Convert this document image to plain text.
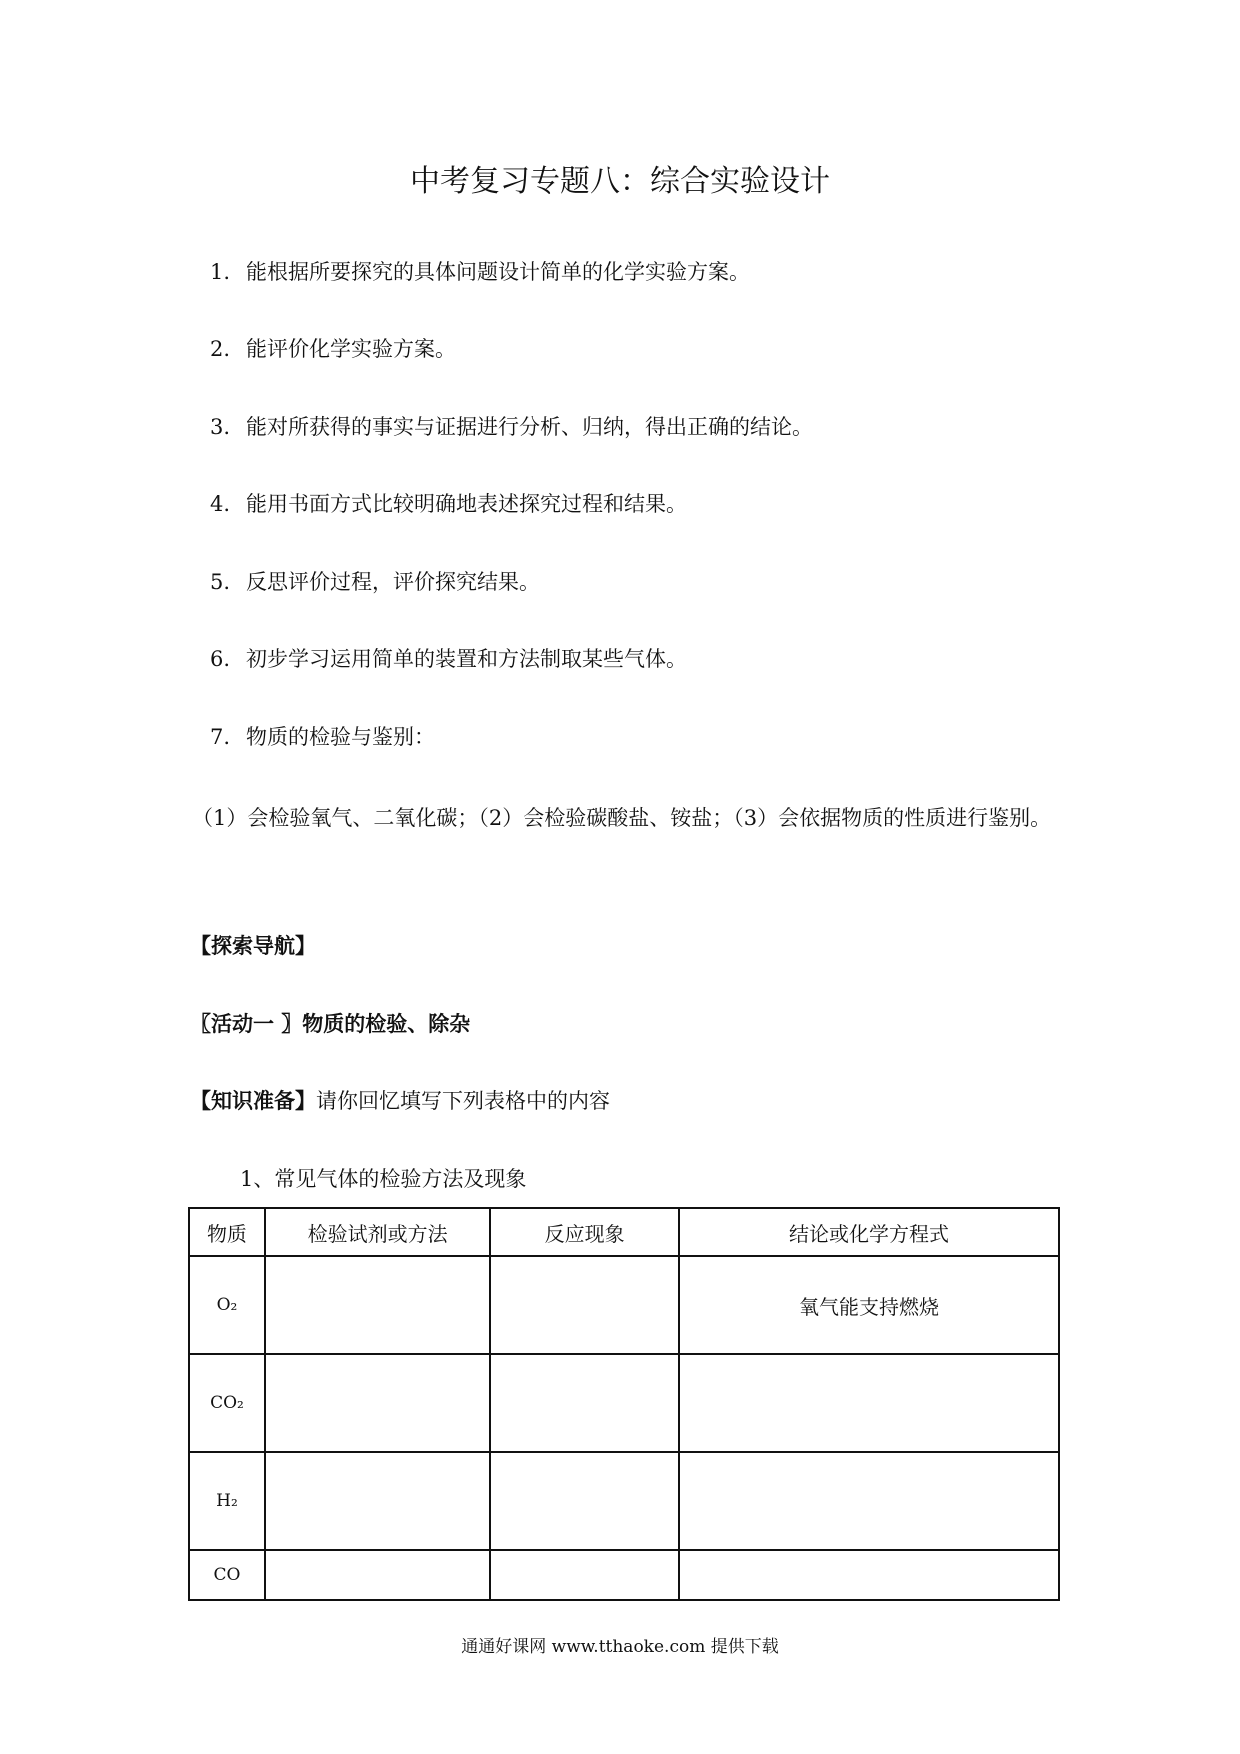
中考复习专题八：综合实验设计
1. 能根据所要探究的具体问题设计简单的化学实验方案。
2. 能评价化学实验方案。
3. 能对所获得的事实与证据进行分析、归纳，得出正确的结论。
4. 能用书面方式比较明确地表述探究过程和结果。
5. 反思评价过程，评价探究结果。
6. 初步学习运用简单的装置和方法制取某些气体。
7. 物质的检验与鉴别：
（1）会检验氧气、二氧化碳；（2）会检验碳酸盐、铵盐；（3）会依据物质的性质进行鉴别。
【探索导航】
〖活动一 〗物质的检验、除杂
【知识准备】请你回忆填写下列表格中的内容
1、常见气体的检验方法及现象
物质	检验试剂或方法	反应现象	结论或化学方程式
O₂			氧气能支持燃烧
CO₂			
H₂			
CO			
通通好课网 www.tthaoke.com 提供下载
